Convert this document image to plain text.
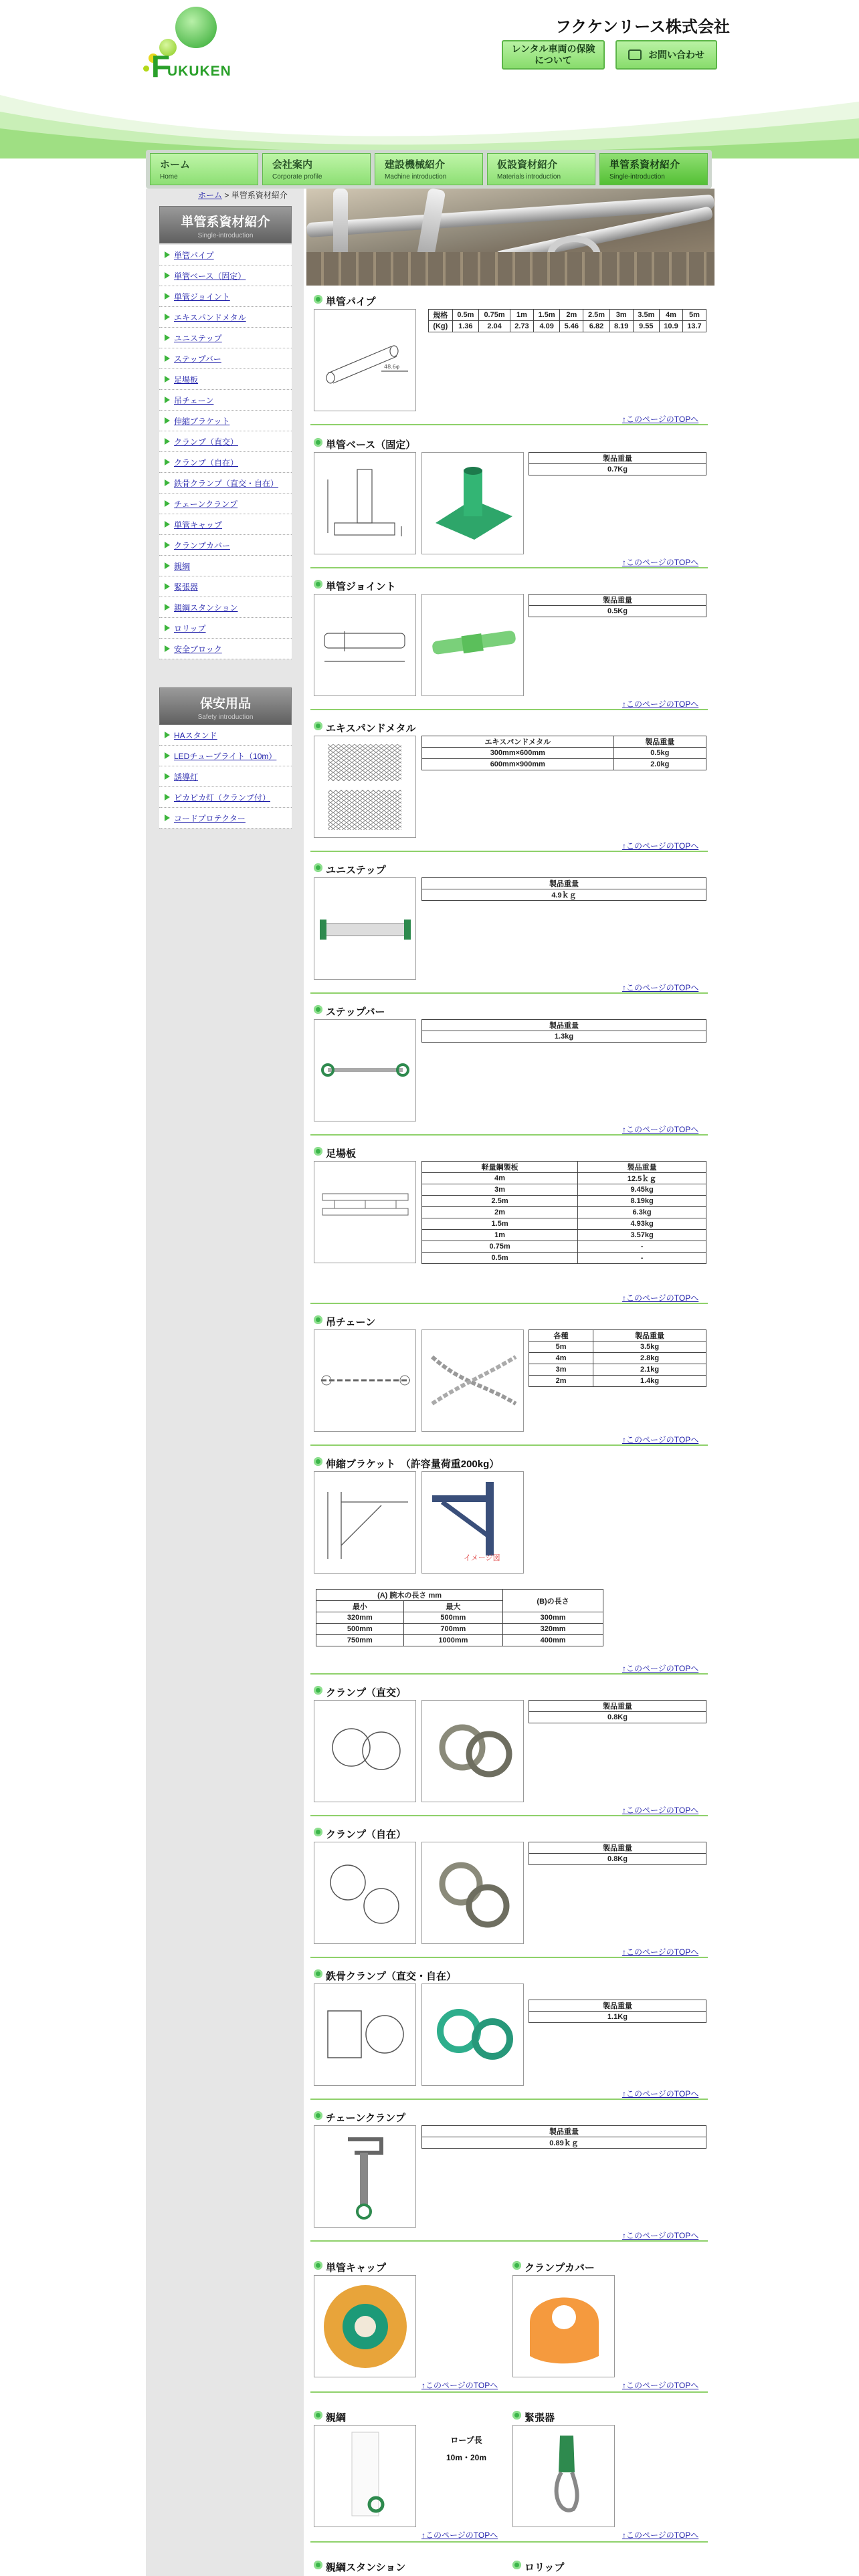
F
UKUKEN
フクケンリース株式会社
レンタル車両の保険について
お問い合わせ
ホーム
Home
会社案内
Corporate profile
建設機械紹介
Machine introduction
仮設資材紹介
Materials introduction
単管系資材紹介
Single-introduction
ホーム > 単管系資材紹介
単管系資材紹介
Single-introduction
単管パイプ
単管ベース（固定）
単管ジョイント
エキスパンドメタル
ユニステップ
ステップバー
足場板
吊チェーン
伸縮ブラケット
クランプ（直交）
クランプ（自在）
鉄骨クランプ（直交・自在）
チェーンクランプ
単管キャップ
クランプカバー
親綱
緊張器
親綱スタンション
ロリップ
安全ブロック
保安用品
Safety introduction
HAスタンド
LEDチューブライト（10m）
誘導灯
ピカピカ灯（クランプ付）
コードプロテクター
単管パイプ
48.6φ
規格	0.5m	0.75m	1m	1.5m	2m	2.5m	3m	3.5m	4m	5m
(Kg)	1.36	2.04	2.73	4.09	5.46	6.82	8.19	9.55	10.9	13.7
↑このページのTOPへ
単管ベース（固定）
製品重量
0.7Kg
↑このページのTOPへ
単管ジョイント
製品重量
0.5Kg
↑このページのTOPへ
エキスパンドメタル
エキスパンドメタル	製品重量
300mm×600mm	0.5kg
600mm×900mm	2.0kg
↑このページのTOPへ
ユニステップ
製品重量
4.9ｋｇ
↑このページのTOPへ
ステップバー
製品重量
1.3kg
↑このページのTOPへ
足場板
軽量鋼製板	製品重量
4m	12.5ｋｇ
3m	9.45kg
2.5m	8.19kg
2m	6.3kg
1.5m	4.93kg
1m	3.57kg
0.75m	-
0.5m	-
↑このページのTOPへ
吊チェーン
各種	製品重量
5m	3.5kg
4m	2.8kg
3m	2.1kg
2m	1.4kg
↑このページのTOPへ
伸縮ブラケット　（許容量荷重200kg）
イメージ図
(A) 腕木の長さ mm		(B)の長さ
最小	最大	
320mm	500mm	300mm
500mm	700mm	320mm
750mm	1000mm	400mm
↑このページのTOPへ
クランプ（直交）
製品重量
0.8Kg
↑このページのTOPへ
クランプ（自在）
製品重量
0.8Kg
↑このページのTOPへ
鉄骨クランプ（直交・自在）
製品重量
1.1Kg
↑このページのTOPへ
チェーンクランプ
製品重量
0.89ｋｇ
↑このページのTOPへ
単管キャップ
↑このページのTOPへ
クランプカバー
↑このページのTOPへ
親綱
ロープ長
10m・20m
↑このページのTOPへ
緊張器
↑このページのTOPへ
親綱スタンション	ロリップ
